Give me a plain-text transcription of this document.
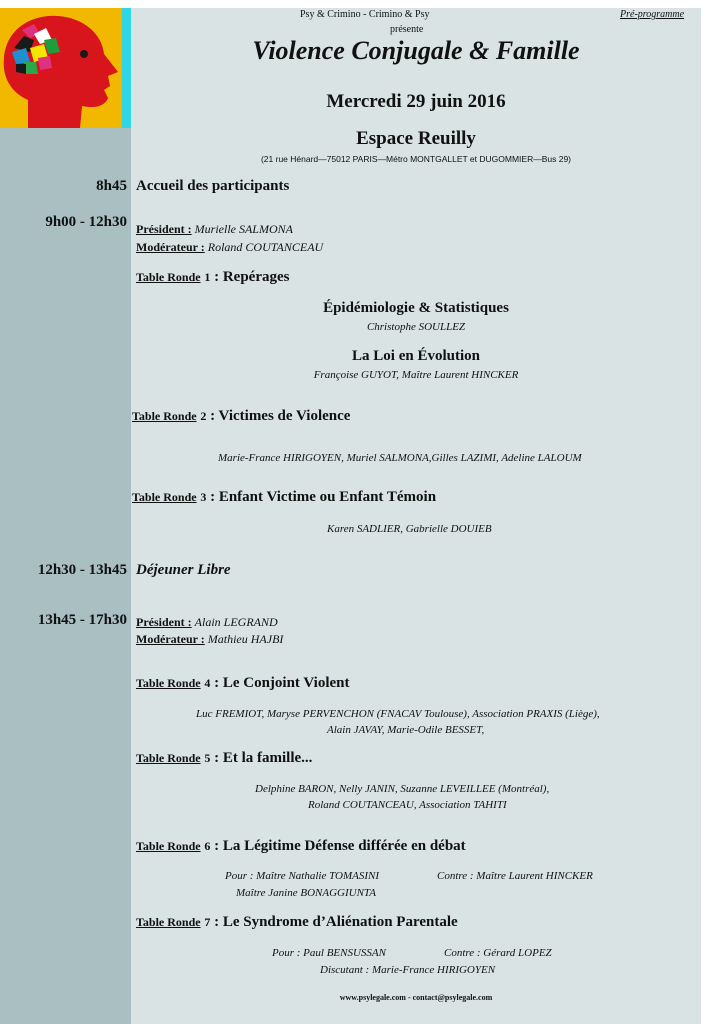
Psy & Crimino - Crimino & Psy	Pré-programme
présente
Violence Conjugale & Famille
Mercredi 29 juin 2016
Espace Reuilly
(21 rue Hénard—75012 PARIS—Métro MONTGALLET et DUGOMMIER—Bus 29)
8h45 Accueil des participants
9h00 - 12h30 Président : Murielle SALMONA
Modérateur : Roland COUTANCEAU
Table Ronde 1 : Repérages
Épidémiologie & Statistiques
Christophe SOULLEZ
La Loi en Évolution
Françoise GUYOT, Maître Laurent HINCKER
Table Ronde 2 : Victimes de Violence
Marie-France HIRIGOYEN, Muriel SALMONA,Gilles LAZIMI, Adeline LALOUM
Table Ronde 3 : Enfant Victime ou Enfant Témoin
Karen SADLIER, Gabrielle DOUIEB
12h30 - 13h45 Déjeuner Libre
13h45 - 17h30 Président : Alain LEGRAND
Modérateur : Mathieu HAJBI
Table Ronde 4 : Le Conjoint Violent
Luc FREMIOT, Maryse PERVENCHON (FNACAV Toulouse), Association PRAXIS (Liège),
Alain JAVAY, Marie-Odile BESSET,
Table Ronde 5 : Et la famille...
Delphine BARON, Nelly JANIN, Suzanne LEVEILLEE (Montréal),
Roland COUTANCEAU, Association TAHITI
Table Ronde 6 : La Légitime Défense différée en débat
Pour : Maître Nathalie TOMASINI	Contre : Maître Laurent HINCKER
Maître Janine BONAGGIUNTA
Table Ronde 7 : Le Syndrome d’Aliénation Parentale
Pour : Paul BENSUSSAN	Contre : Gérard LOPEZ
Discutant : Marie-France HIRIGOYEN
www.psylegale.com - contact@psylegale.com
